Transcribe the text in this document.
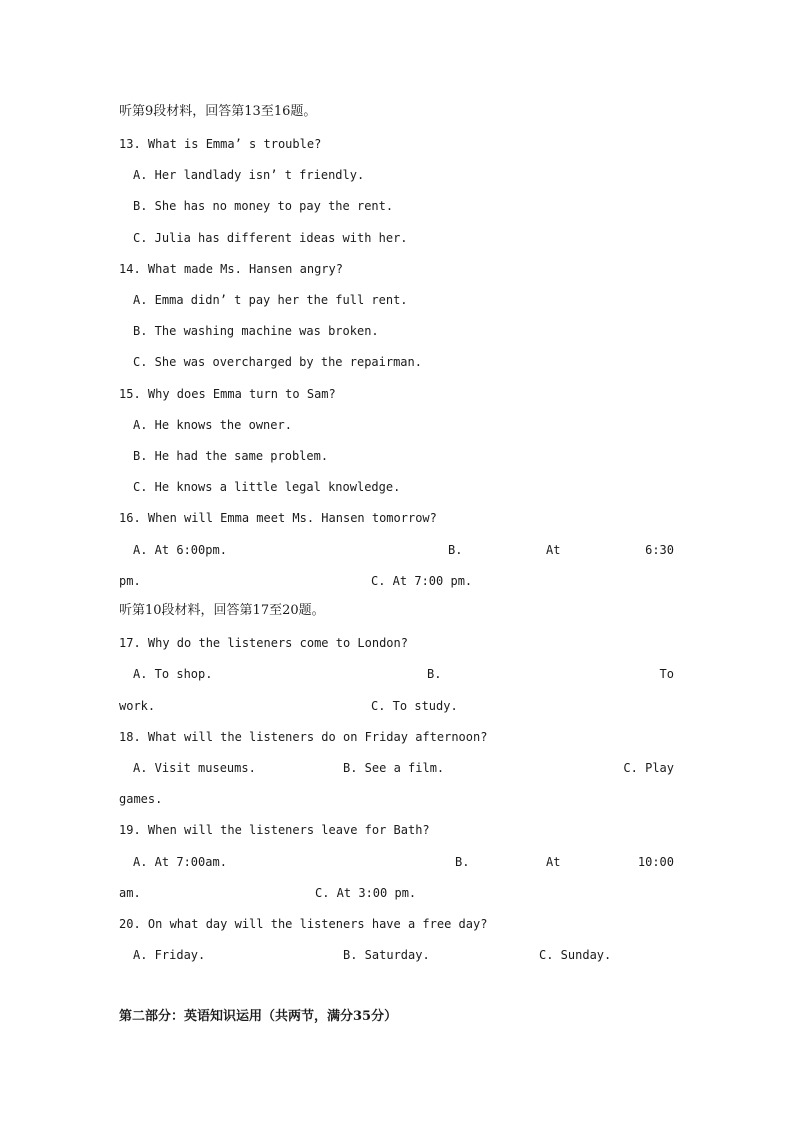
听第9段材料，回答第13至16题。
13. What is Emma’ s trouble?
A. Her landlady isn’ t friendly.
B. She has no money to pay the rent.
C. Julia has different ideas with her.
14. What made Ms. Hansen angry?
A. Emma didn’ t pay her the full rent.
B. The washing machine was broken.
C. She was overcharged by the repairman.
15. Why does Emma turn to Sam?
A. He knows the owner.
B. He had the same problem.
C. He knows a little legal knowledge.
16. When will Emma meet Ms. Hansen tomorrow?
A. At 6:00pm.	B.	At	6:30
pm.	C. At 7:00 pm.
听第10段材料，回答第17至20题。
17. Why do the listeners come to London?
A. To shop.	B.	To
work.	C. To study.
18. What will the listeners do on Friday afternoon?
A. Visit museums.	B. See a film.	C. Play
games.
19. When will the listeners leave for Bath?
A. At 7:00am.	B.	At	10:00
am.	C. At 3:00 pm.
20. On what day will the listeners have a free day?
A. Friday.	B. Saturday.	C. Sunday.
第二部分：英语知识运用（共两节，满分35分）
